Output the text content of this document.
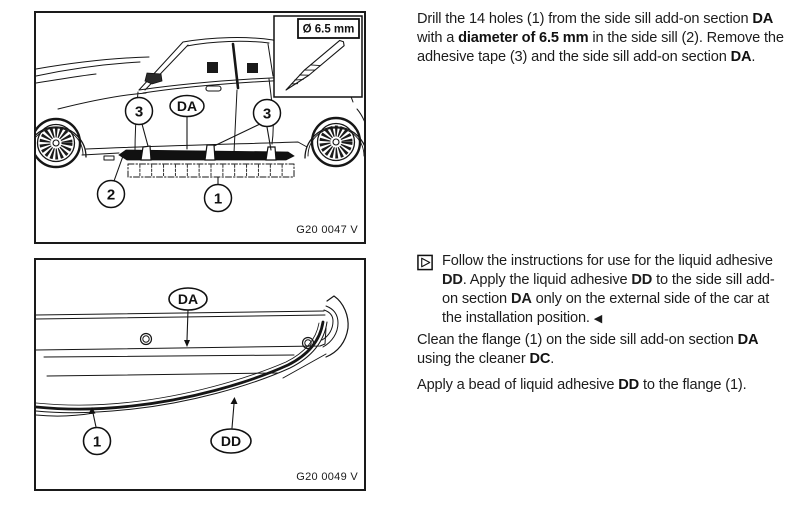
3 DA	3
2	1
Ø 6.5 mm
G20 0047 V
DA
1	DD
G20 0049 V

Drill the 14 holes (1) from the side sill add-on section DA with a diameter of 6.5 mm in the side sill (2). Remove the adhesive tape (3) and the side sill add-on section DA.

Follow the instructions for use for the liquid adhesive DD. Apply the liquid adhesive DD to the side sill add-on section DA only on the external side of the car at the installation position. ◀

Clean the flange (1) on the side sill add-on section DA using the cleaner DC.

Apply a bead of liquid adhesive DD to the flange (1).
